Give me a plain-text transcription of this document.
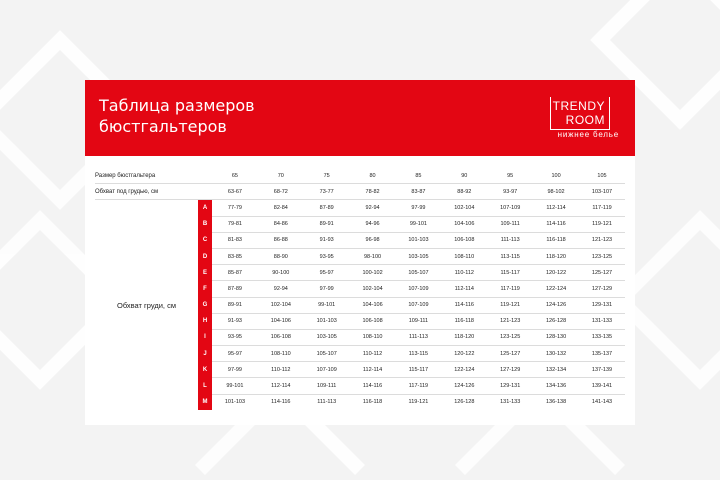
Таблица размеров
бюстгальтеров
TRENDY
ROOM
нижнее белье
Размер бюстгальтера		65	70	75	80	85	90	95	100	105
Обхват под грудью, см		63-67	68-72	73-77	78-82	83-87	88-92	93-97	98-102	103-107
Обхват груди, см	A	77-79	82-84	87-89	92-94	97-99	102-104	107-109	112-114	117-119
	B	79-81	84-86	89-91	94-96	99-101	104-106	109-111	114-116	119-121
	C	81-83	86-88	91-93	96-98	101-103	106-108	111-113	116-118	121-123
	D	83-85	88-90	93-95	98-100	103-105	108-110	113-115	118-120	123-125
	E	85-87	90-100	95-97	100-102	105-107	110-112	115-117	120-122	125-127
	F	87-89	92-94	97-99	102-104	107-109	112-114	117-119	122-124	127-129
	G	89-91	102-104	99-101	104-106	107-109	114-116	119-121	124-126	129-131
	H	91-93	104-106	101-103	106-108	109-111	116-118	121-123	126-128	131-133
	I	93-95	106-108	103-105	108-110	111-113	118-120	123-125	128-130	133-135
	J	95-97	108-110	105-107	110-112	113-115	120-122	125-127	130-132	135-137
	K	97-99	110-112	107-109	112-114	115-117	122-124	127-129	132-134	137-139
	L	99-101	112-114	109-111	114-116	117-119	124-126	129-131	134-136	139-141
	M	101-103	114-116	111-113	116-118	119-121	126-128	131-133	136-138	141-143
